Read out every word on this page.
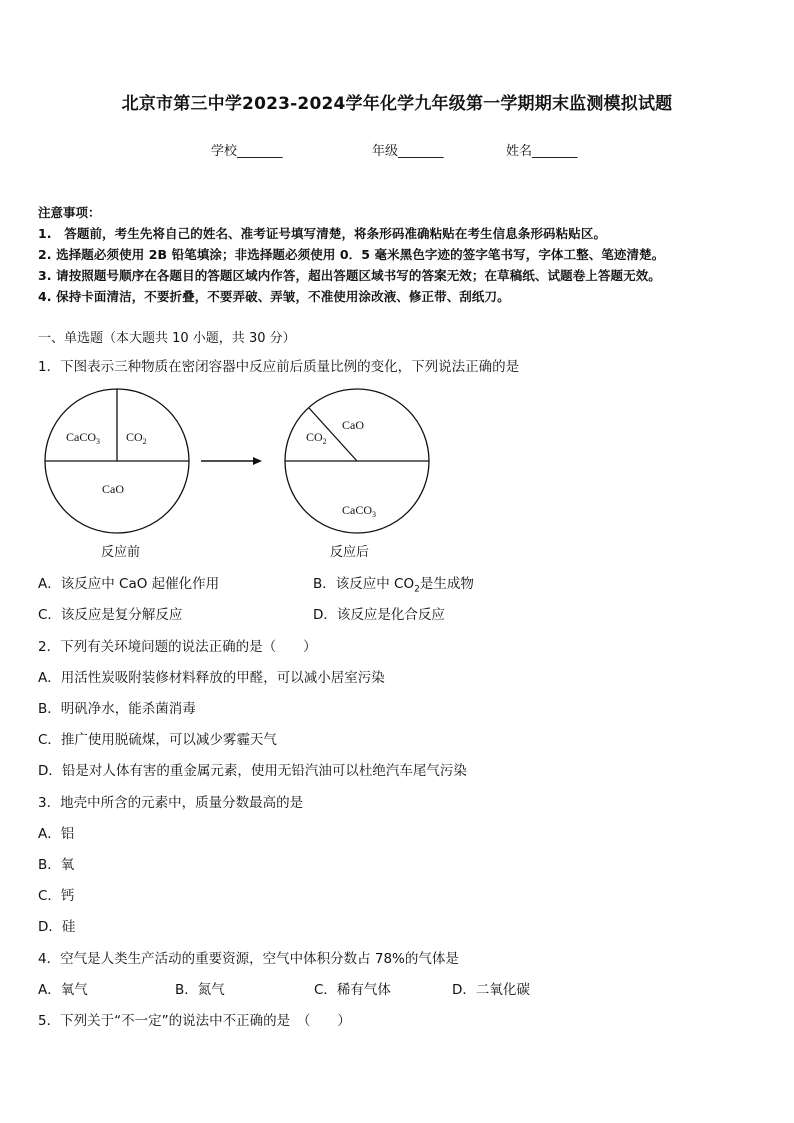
北京市第三中学2023-2024学年化学九年级第一学期期末监测模拟试题
学校_______	年级_______	姓名_______
注意事项：
1.　答题前，考生先将自己的姓名、准考证号填写清楚，将条形码准确粘贴在考生信息条形码粘贴区。
2. 选择题必须使用 2B 铅笔填涂；非选择题必须使用 0．5 毫米黑色字迹的签字笔书写，字体工整、笔迹清楚。
3. 请按照题号顺序在各题目的答题区域内作答，超出答题区域书写的答案无效；在草稿纸、试题卷上答题无效。
4. 保持卡面清洁，不要折叠，不要弄破、弄皱，不准使用涂改液、修正带、刮纸刀。
一、单选题（本大题共 10 小题，共 30 分）
1．下图表示三种物质在密闭容器中反应前后质量比例的变化，下列说法正确的是
CaCO$_3$ $CO_2$
CaO
$CO_2$
CaO
CaCO$_3$
反应前	反应后
A．该反应中 CaO 起催化作用	B．该反应中 $CO_2$是生成物
C．该反应是复分解反应	D．该反应是化合反应
2．下列有关环境问题的说法正确的是（　　）
A．用活性炭吸附装修材料释放的甲醛，可以减小居室污染
B．明矾净水，能杀菌消毒
C．推广使用脱硫煤，可以减少雾霾天气
D．铅是对人体有害的重金属元素，使用无铅汽油可以杜绝汽车尾气污染
3．地壳中所含的元素中，质量分数最高的是
A．铝
B．氧
C．钙
D．硅
4．空气是人类生产活动的重要资源，空气中体积分数占 78%的气体是
A．氧气	B．氮气	C．稀有气体	D．二氧化碳
5．下列关于“不一定”的说法中不正确的是　（　　）
